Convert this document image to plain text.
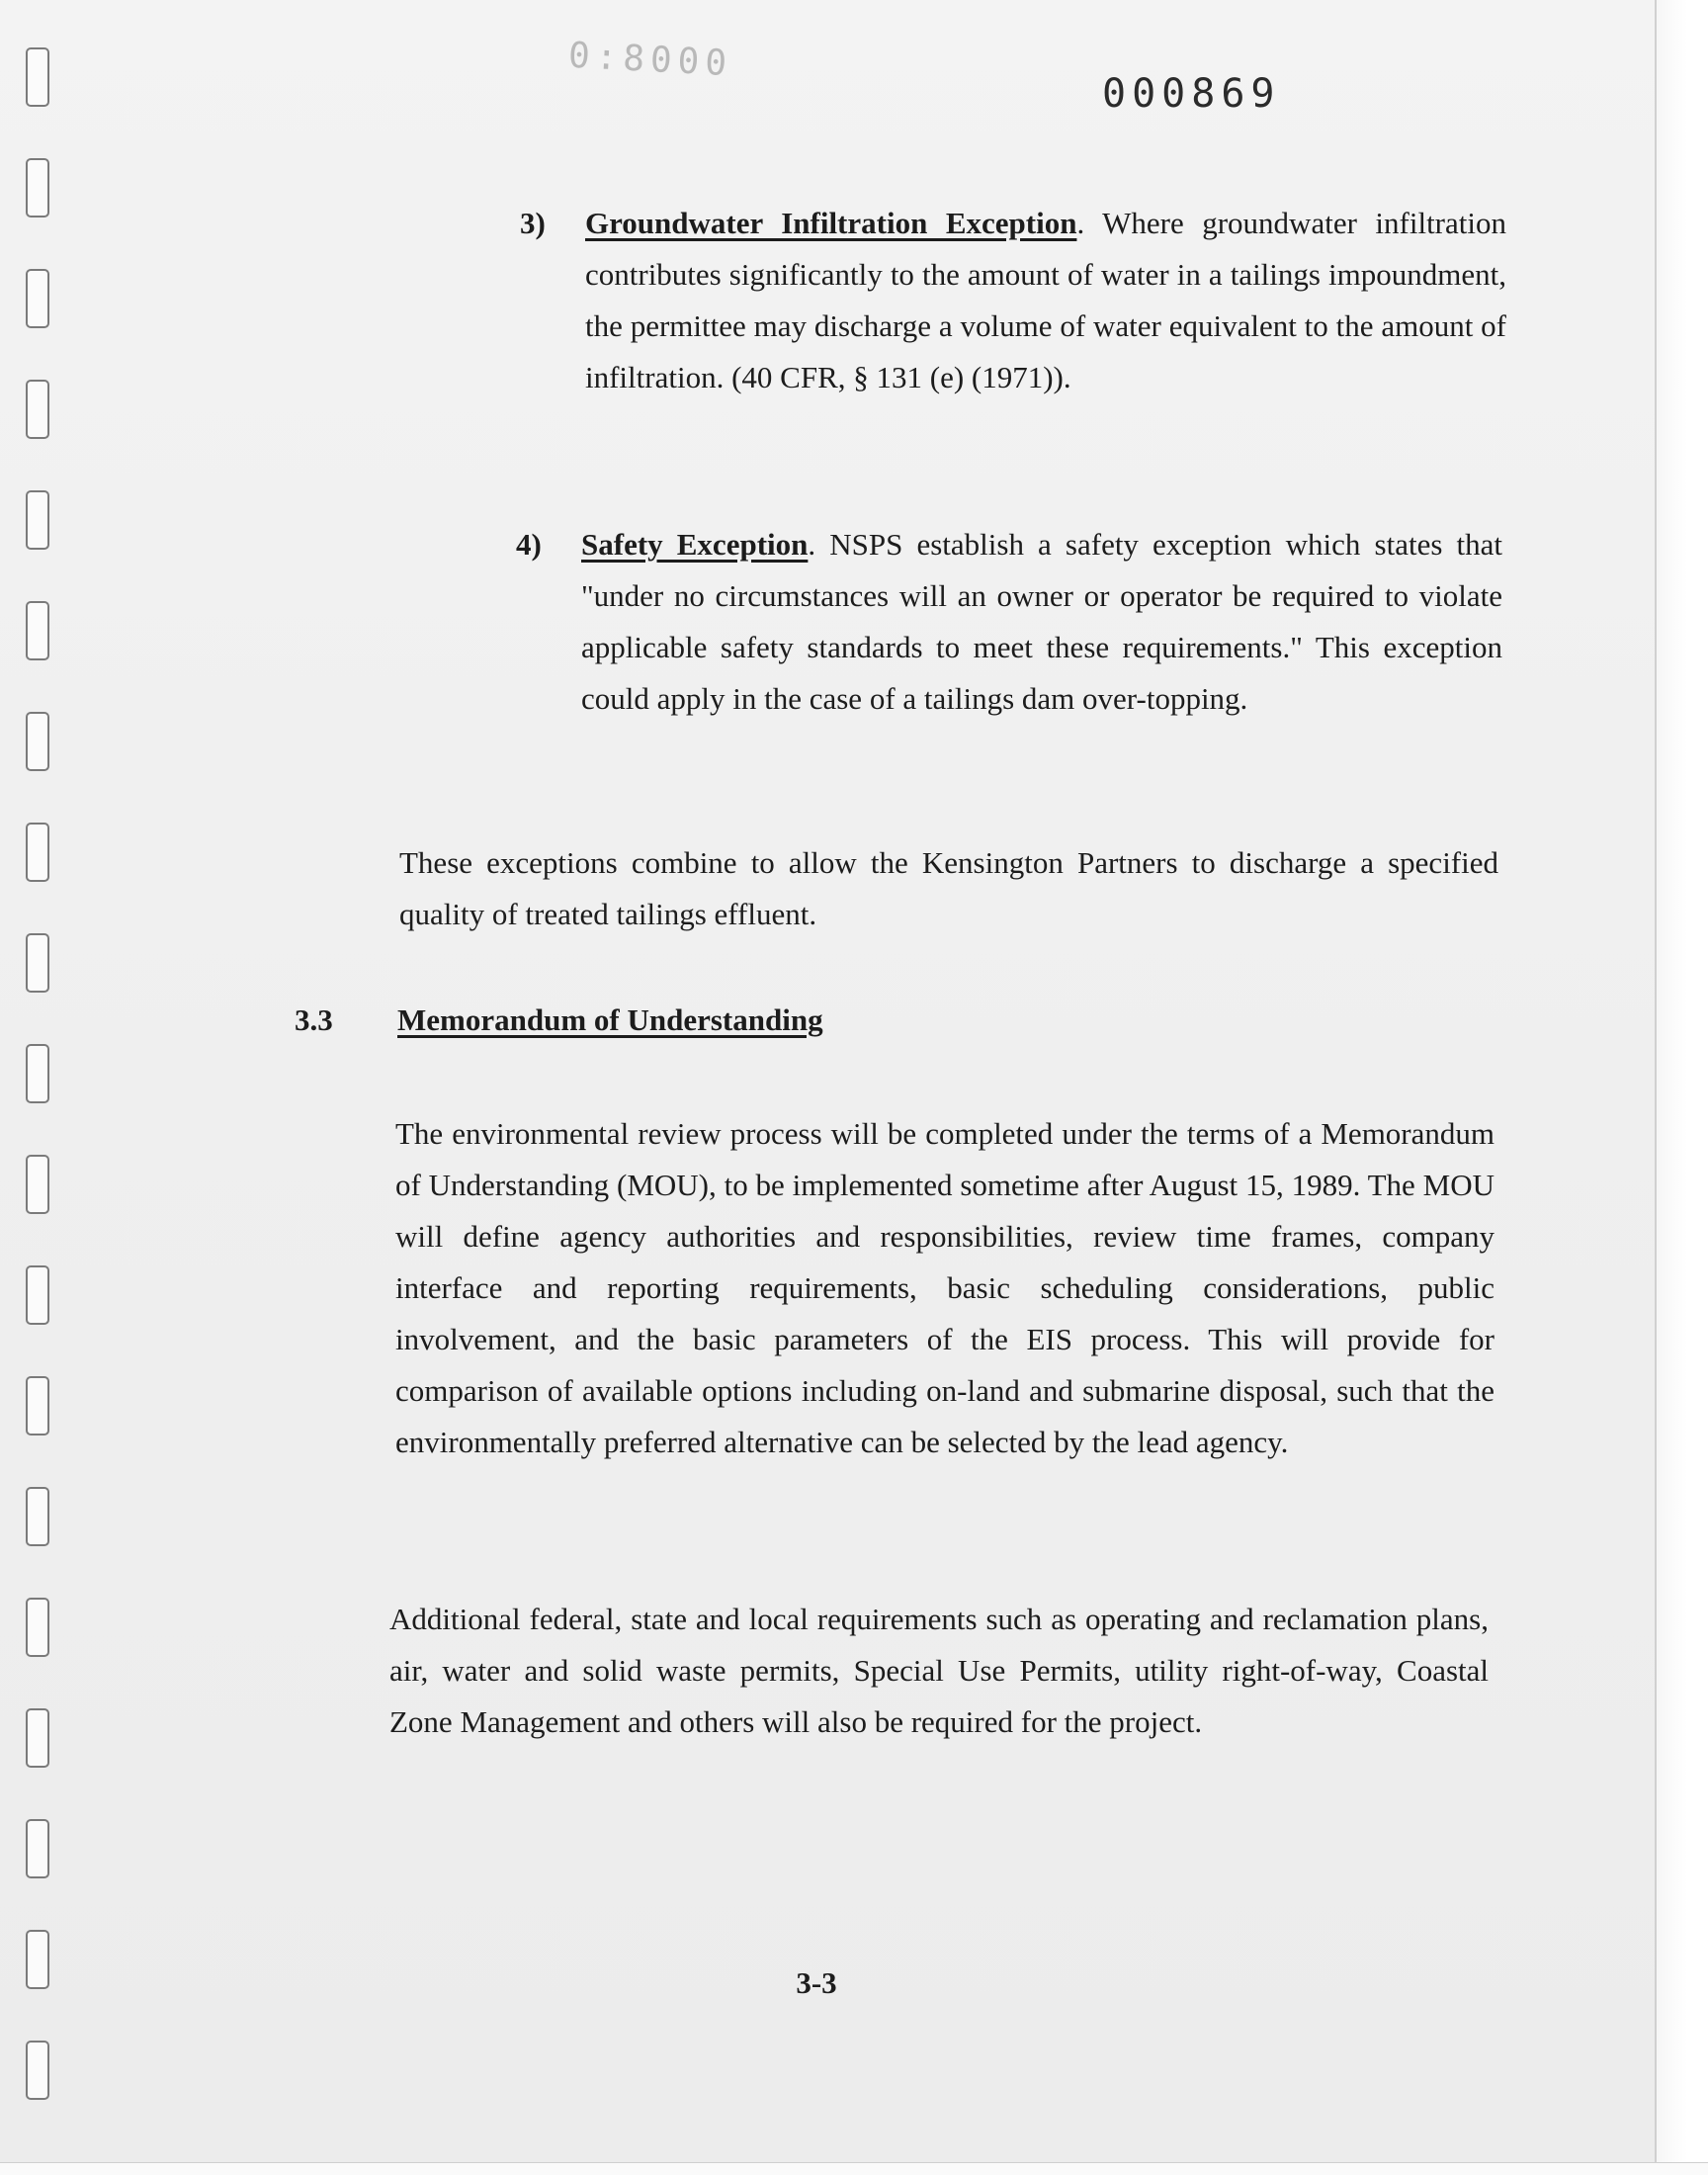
0:8000
000869
3) Groundwater Infiltration Exception. Where groundwater infiltration contributes significantly to the amount of water in a tailings impoundment, the permittee may discharge a volume of water equivalent to the amount of infiltration. (40 CFR, § 131 (e) (1971)).
4) Safety Exception. NSPS establish a safety exception which states that "under no circumstances will an owner or operator be required to violate applicable safety standards to meet these requirements." This exception could apply in the case of a tailings dam over-topping.
These exceptions combine to allow the Kensington Partners to discharge a specified quality of treated tailings effluent.
3.3 Memorandum of Understanding
The environmental review process will be completed under the terms of a Memorandum of Understanding (MOU), to be implemented sometime after August 15, 1989. The MOU will define agency authorities and responsibilities, review time frames, company interface and reporting requirements, basic scheduling considerations, public involvement, and the basic parameters of the EIS process. This will provide for comparison of available options including on-land and submarine disposal, such that the environmentally preferred alternative can be selected by the lead agency.
Additional federal, state and local requirements such as operating and reclamation plans, air, water and solid waste permits, Special Use Permits, utility right-of-way, Coastal Zone Management and others will also be required for the project.
3-3
